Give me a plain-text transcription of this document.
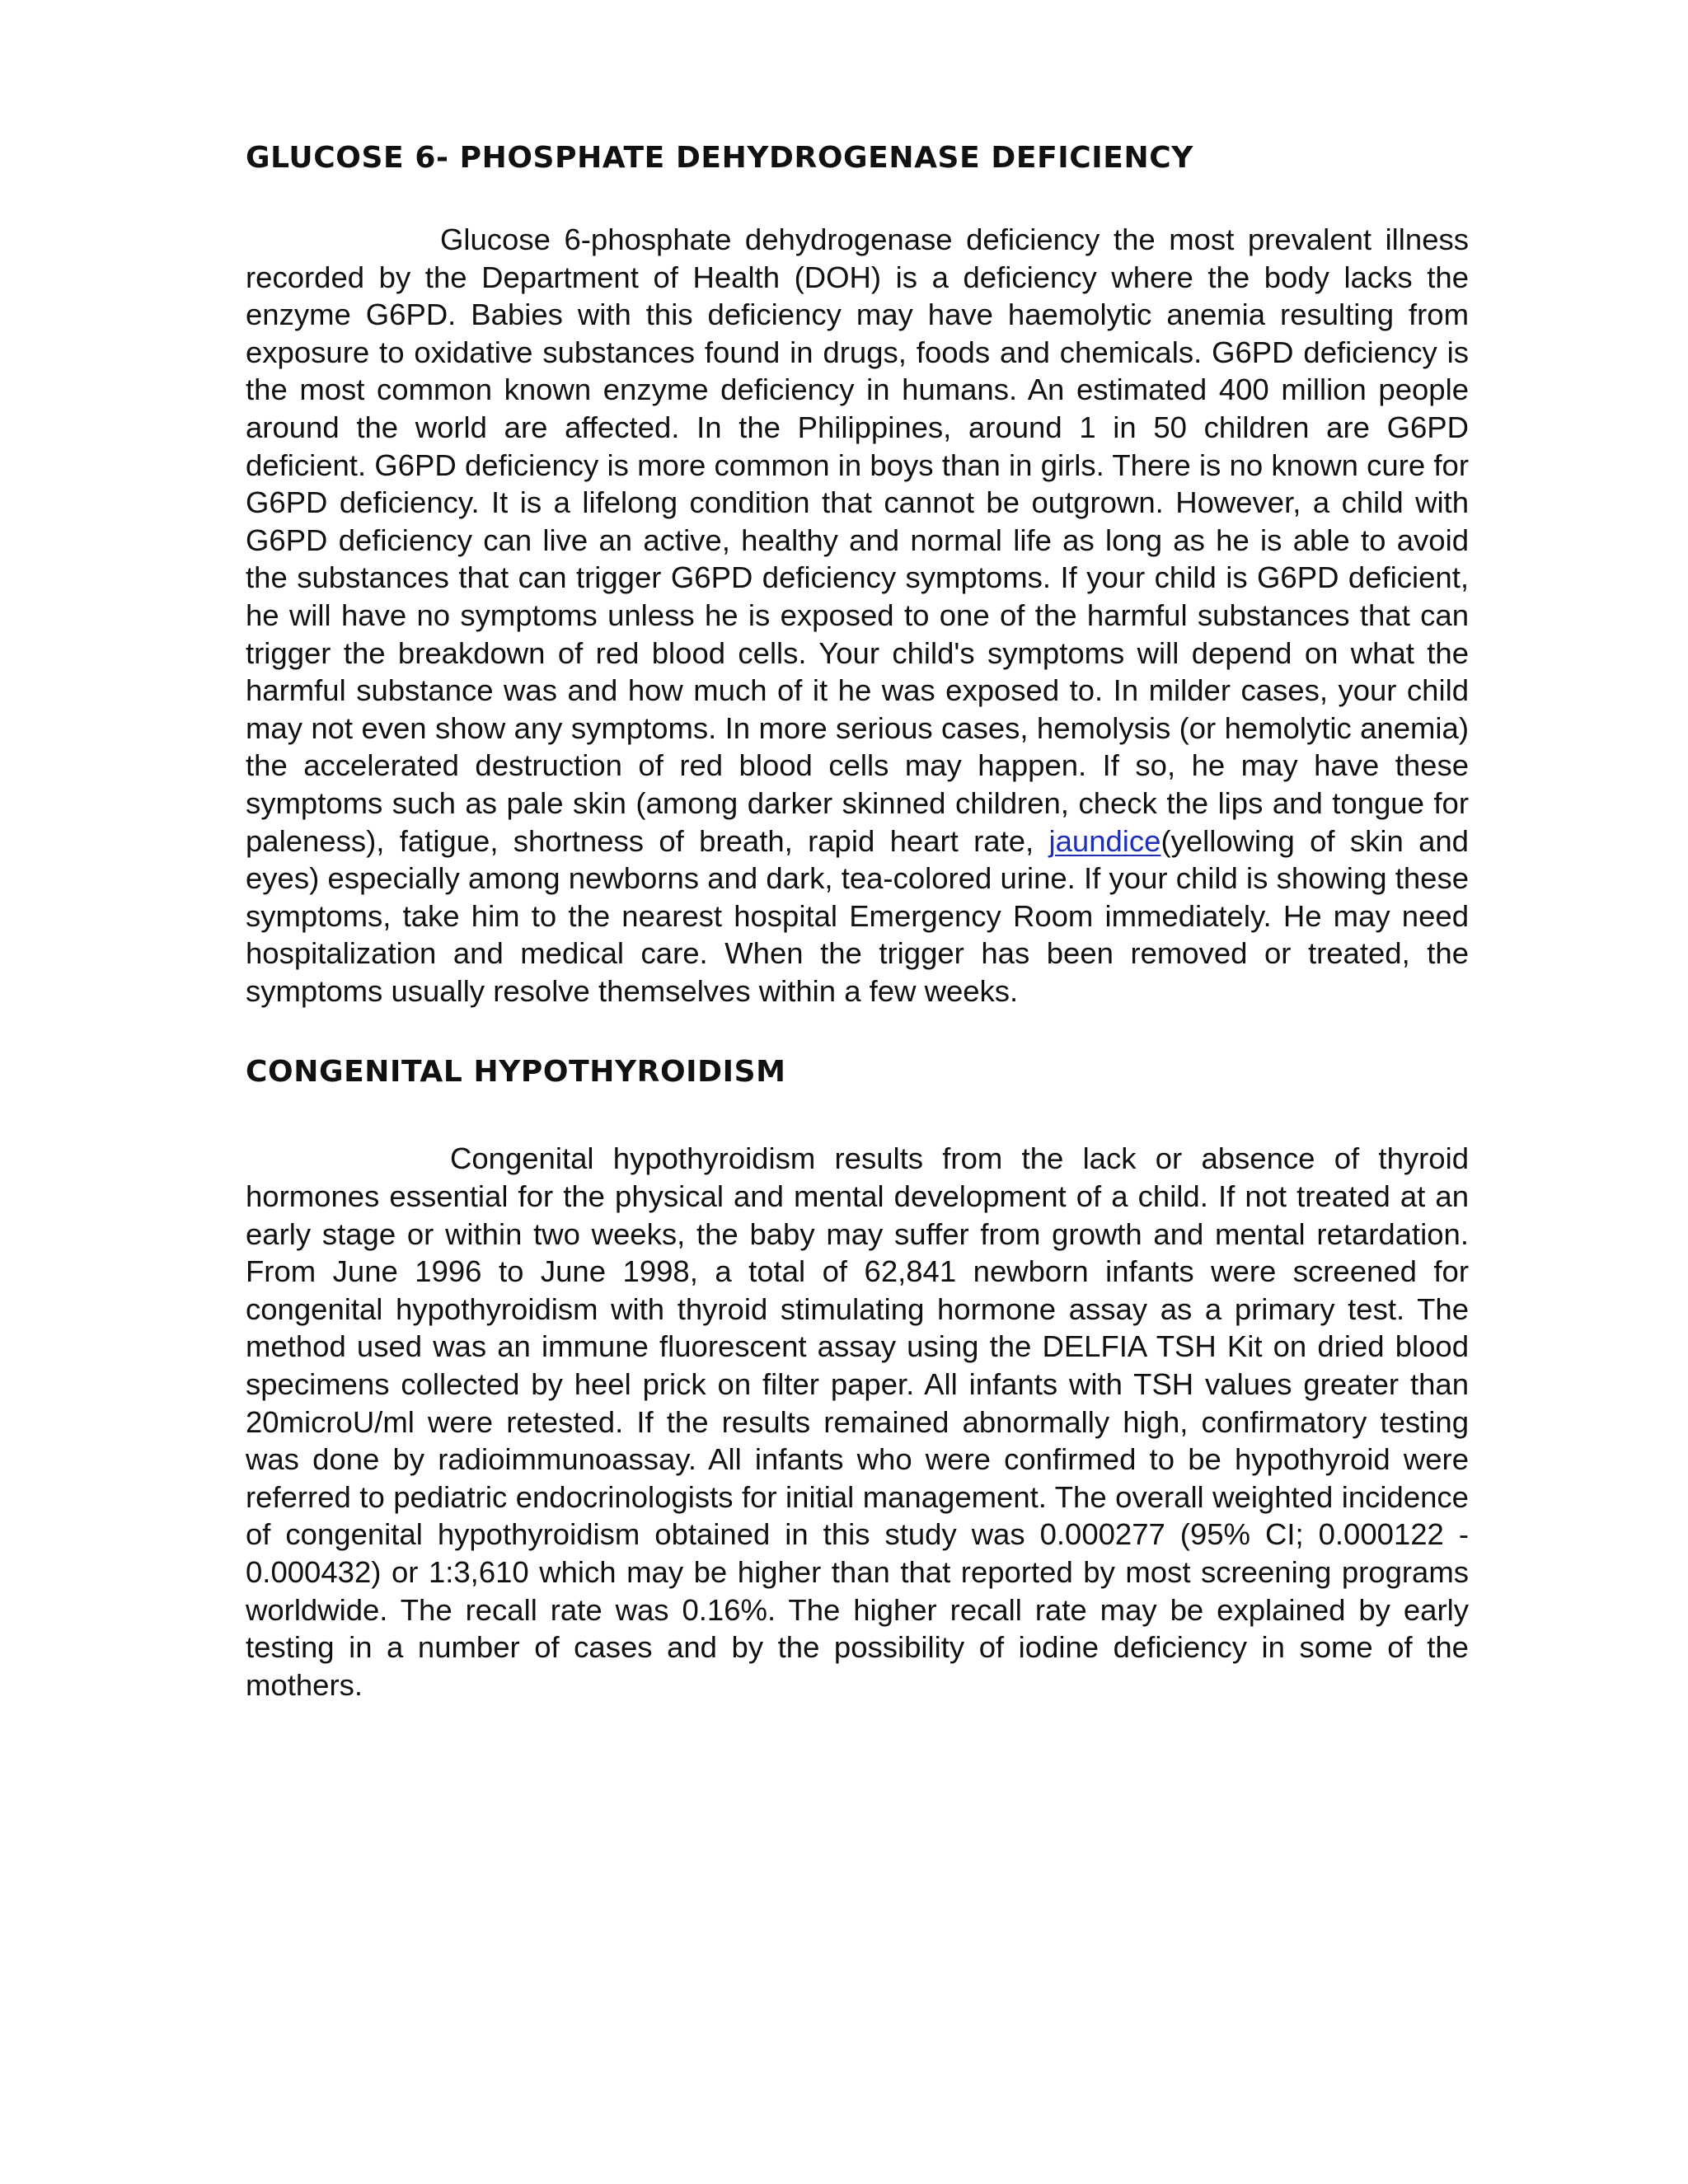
GLUCOSE 6- PHOSPHATE DEHYDROGENASE DEFICIENCY

Glucose 6-phosphate dehydrogenase deficiency the most prevalent illness recorded by the Department of Health (DOH) is a deficiency where the body lacks the enzyme G6PD. Babies with this deficiency may have haemolytic anemia resulting from exposure to oxidative substances found in drugs, foods and chemicals. G6PD deficiency is the most common known enzyme deficiency in humans. An estimated 400 million people around the world are affected. In the Philippines, around 1 in 50 children are G6PD deficient. G6PD deficiency is more common in boys than in girls. There is no known cure for G6PD deficiency. It is a lifelong condition that cannot be outgrown. However, a child with G6PD deficiency can live an active, healthy and normal life as long as he is able to avoid the substances that can trigger G6PD deficiency symptoms. If your child is G6PD deficient, he will have no symptoms unless he is exposed to one of the harmful substances that can trigger the breakdown of red blood cells. Your child's symptoms will depend on what the harmful substance was and how much of it he was exposed to. In milder cases, your child may not even show any symptoms. In more serious cases, hemolysis (or hemolytic anemia) the accelerated destruction of red blood cells may happen. If so, he may have these symptoms such as pale skin (among darker skinned children, check the lips and tongue for paleness), fatigue, shortness of breath, rapid heart rate, jaundice(yellowing of skin and eyes) especially among newborns and dark, tea-colored urine. If your child is showing these symptoms, take him to the nearest hospital Emergency Room immediately. He may need hospitalization and medical care. When the trigger has been removed or treated, the symptoms usually resolve themselves within a few weeks.

CONGENITAL HYPOTHYROIDISM

Congenital hypothyroidism results from the lack or absence of thyroid hormones essential for the physical and mental development of a child. If not treated at an early stage or within two weeks, the baby may suffer from growth and mental retardation. From June 1996 to June 1998, a total of 62,841 newborn infants were screened for congenital hypothyroidism with thyroid stimulating hormone assay as a primary test. The method used was an immune fluorescent assay using the DELFIA TSH Kit on dried blood specimens collected by heel prick on filter paper. All infants with TSH values greater than 20microU/ml were retested. If the results remained abnormally high, confirmatory testing was done by radioimmunoassay. All infants who were confirmed to be hypothyroid were referred to pediatric endocrinologists for initial management. The overall weighted incidence of congenital hypothyroidism obtained in this study was 0.000277 (95% CI; 0.000122 - 0.000432) or 1:3,610 which may be higher than that reported by most screening programs worldwide. The recall rate was 0.16%. The higher recall rate may be explained by early testing in a number of cases and by the possibility of iodine deficiency in some of the mothers.
